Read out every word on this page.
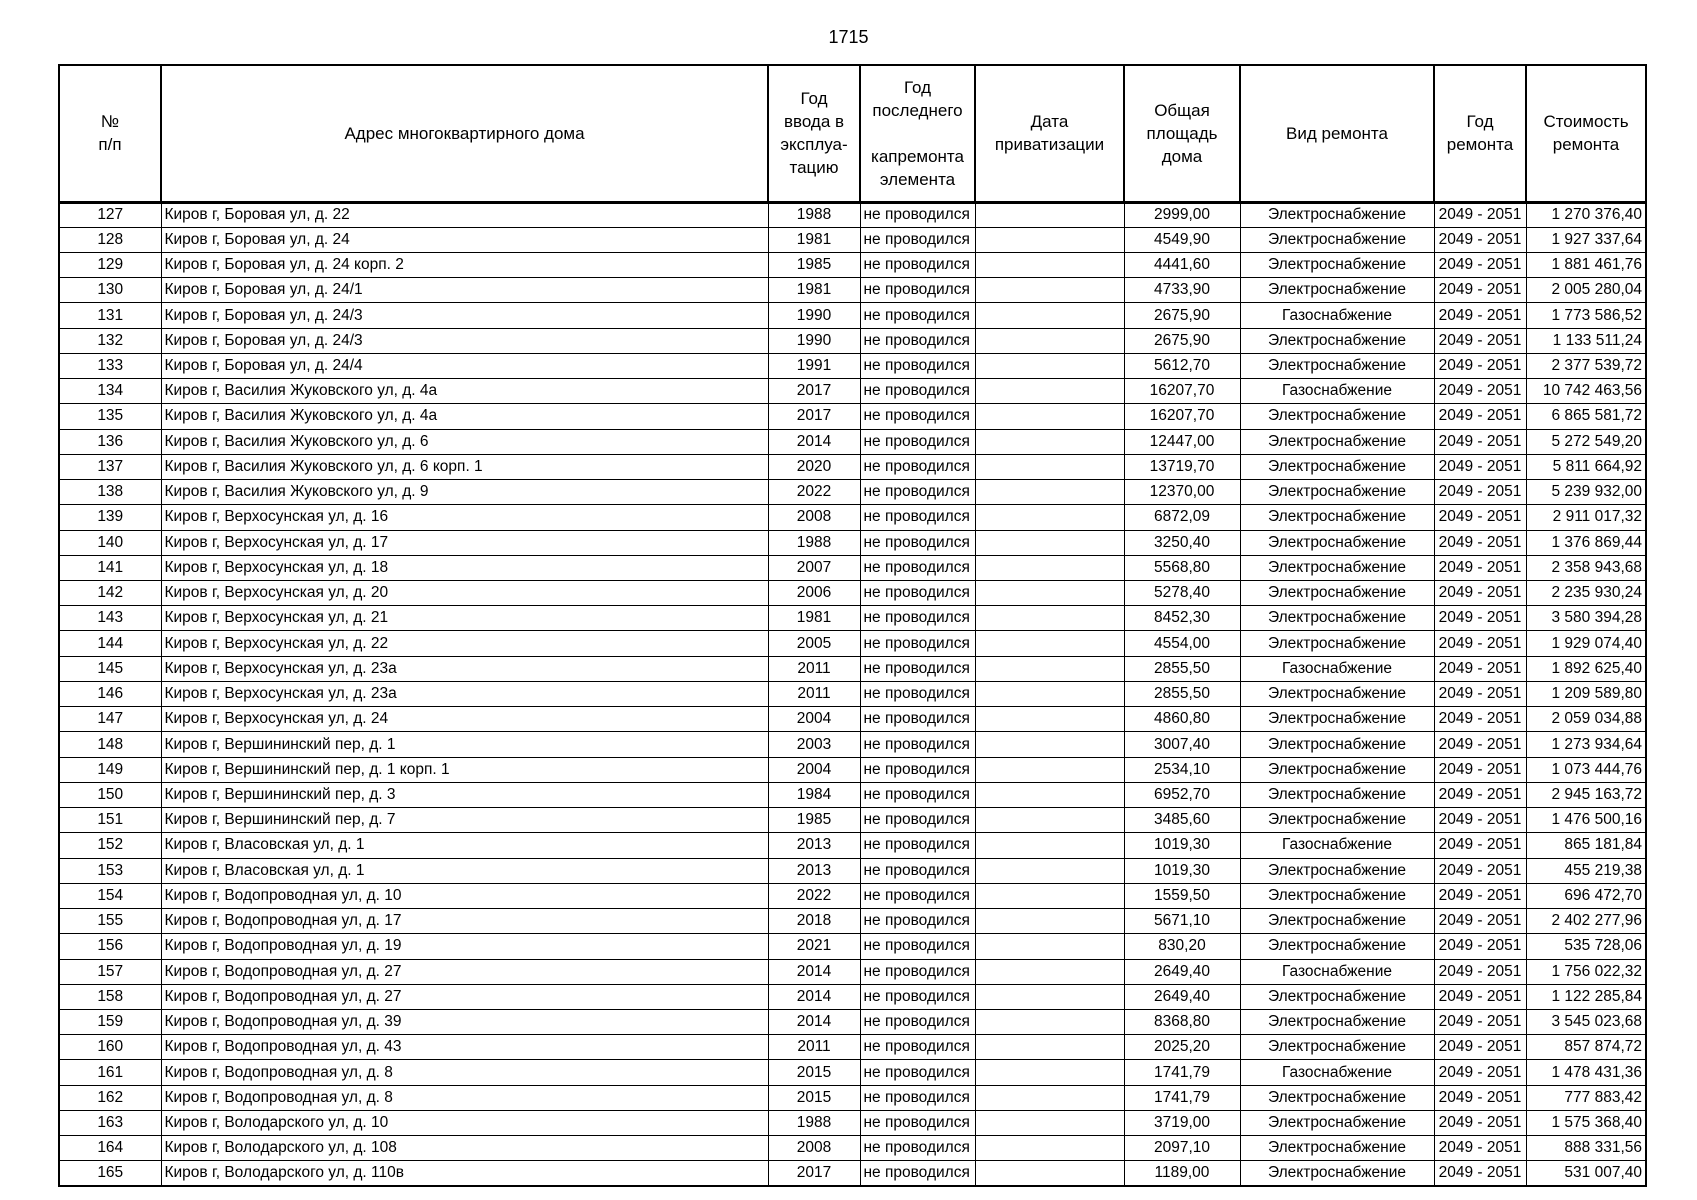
1715
№
п/п	Адрес многоквартирного дома	Год
ввода в
эксплуа-
тацию	Год
последнего

капремонта
элемента	Дата
приватизации	Общая
площадь
дома	Вид ремонта	Год
ремонта	Стоимость
ремонта

127	Киров г, Боровая ул, д. 22	1988	не проводился		2999,00	Электроснабжение	2049 - 2051	1 270 376,40
128	Киров г, Боровая ул, д. 24	1981	не проводился		4549,90	Электроснабжение	2049 - 2051	1 927 337,64
129	Киров г, Боровая ул, д. 24 корп. 2	1985	не проводился		4441,60	Электроснабжение	2049 - 2051	1 881 461,76
130	Киров г, Боровая ул, д. 24/1	1981	не проводился		4733,90	Электроснабжение	2049 - 2051	2 005 280,04
131	Киров г, Боровая ул, д. 24/3	1990	не проводился		2675,90	Газоснабжение	2049 - 2051	1 773 586,52
132	Киров г, Боровая ул, д. 24/3	1990	не проводился		2675,90	Электроснабжение	2049 - 2051	1 133 511,24
133	Киров г, Боровая ул, д. 24/4	1991	не проводился		5612,70	Электроснабжение	2049 - 2051	2 377 539,72
134	Киров г, Василия Жуковского ул, д. 4а	2017	не проводился		16207,70	Газоснабжение	2049 - 2051	10 742 463,56
135	Киров г, Василия Жуковского ул, д. 4а	2017	не проводился		16207,70	Электроснабжение	2049 - 2051	6 865 581,72
136	Киров г, Василия Жуковского ул, д. 6	2014	не проводился		12447,00	Электроснабжение	2049 - 2051	5 272 549,20
137	Киров г, Василия Жуковского ул, д. 6 корп. 1	2020	не проводился		13719,70	Электроснабжение	2049 - 2051	5 811 664,92
138	Киров г, Василия Жуковского ул, д. 9	2022	не проводился		12370,00	Электроснабжение	2049 - 2051	5 239 932,00
139	Киров г, Верхосунская ул, д. 16	2008	не проводился		6872,09	Электроснабжение	2049 - 2051	2 911 017,32
140	Киров г, Верхосунская ул, д. 17	1988	не проводился		3250,40	Электроснабжение	2049 - 2051	1 376 869,44
141	Киров г, Верхосунская ул, д. 18	2007	не проводился		5568,80	Электроснабжение	2049 - 2051	2 358 943,68
142	Киров г, Верхосунская ул, д. 20	2006	не проводился		5278,40	Электроснабжение	2049 - 2051	2 235 930,24
143	Киров г, Верхосунская ул, д. 21	1981	не проводился		8452,30	Электроснабжение	2049 - 2051	3 580 394,28
144	Киров г, Верхосунская ул, д. 22	2005	не проводился		4554,00	Электроснабжение	2049 - 2051	1 929 074,40
145	Киров г, Верхосунская ул, д. 23а	2011	не проводился		2855,50	Газоснабжение	2049 - 2051	1 892 625,40
146	Киров г, Верхосунская ул, д. 23а	2011	не проводился		2855,50	Электроснабжение	2049 - 2051	1 209 589,80
147	Киров г, Верхосунская ул, д. 24	2004	не проводился		4860,80	Электроснабжение	2049 - 2051	2 059 034,88
148	Киров г, Вершининский пер, д. 1	2003	не проводился		3007,40	Электроснабжение	2049 - 2051	1 273 934,64
149	Киров г, Вершининский пер, д. 1 корп. 1	2004	не проводился		2534,10	Электроснабжение	2049 - 2051	1 073 444,76
150	Киров г, Вершининский пер, д. 3	1984	не проводился		6952,70	Электроснабжение	2049 - 2051	2 945 163,72
151	Киров г, Вершининский пер, д. 7	1985	не проводился		3485,60	Электроснабжение	2049 - 2051	1 476 500,16
152	Киров г, Власовская ул, д. 1	2013	не проводился		1019,30	Газоснабжение	2049 - 2051	865 181,84
153	Киров г, Власовская ул, д. 1	2013	не проводился		1019,30	Электроснабжение	2049 - 2051	455 219,38
154	Киров г, Водопроводная ул, д. 10	2022	не проводился		1559,50	Электроснабжение	2049 - 2051	696 472,70
155	Киров г, Водопроводная ул, д. 17	2018	не проводился		5671,10	Электроснабжение	2049 - 2051	2 402 277,96
156	Киров г, Водопроводная ул, д. 19	2021	не проводился		830,20	Электроснабжение	2049 - 2051	535 728,06
157	Киров г, Водопроводная ул, д. 27	2014	не проводился		2649,40	Газоснабжение	2049 - 2051	1 756 022,32
158	Киров г, Водопроводная ул, д. 27	2014	не проводился		2649,40	Электроснабжение	2049 - 2051	1 122 285,84
159	Киров г, Водопроводная ул, д. 39	2014	не проводился		8368,80	Электроснабжение	2049 - 2051	3 545 023,68
160	Киров г, Водопроводная ул, д. 43	2011	не проводился		2025,20	Электроснабжение	2049 - 2051	857 874,72
161	Киров г, Водопроводная ул, д. 8	2015	не проводился		1741,79	Газоснабжение	2049 - 2051	1 478 431,36
162	Киров г, Водопроводная ул, д. 8	2015	не проводился		1741,79	Электроснабжение	2049 - 2051	777 883,42
163	Киров г, Володарского ул, д. 10	1988	не проводился		3719,00	Электроснабжение	2049 - 2051	1 575 368,40
164	Киров г, Володарского ул, д. 108	2008	не проводился		2097,10	Электроснабжение	2049 - 2051	888 331,56
165	Киров г, Володарского ул, д. 110в	2017	не проводился		1189,00	Электроснабжение	2049 - 2051	531 007,40
